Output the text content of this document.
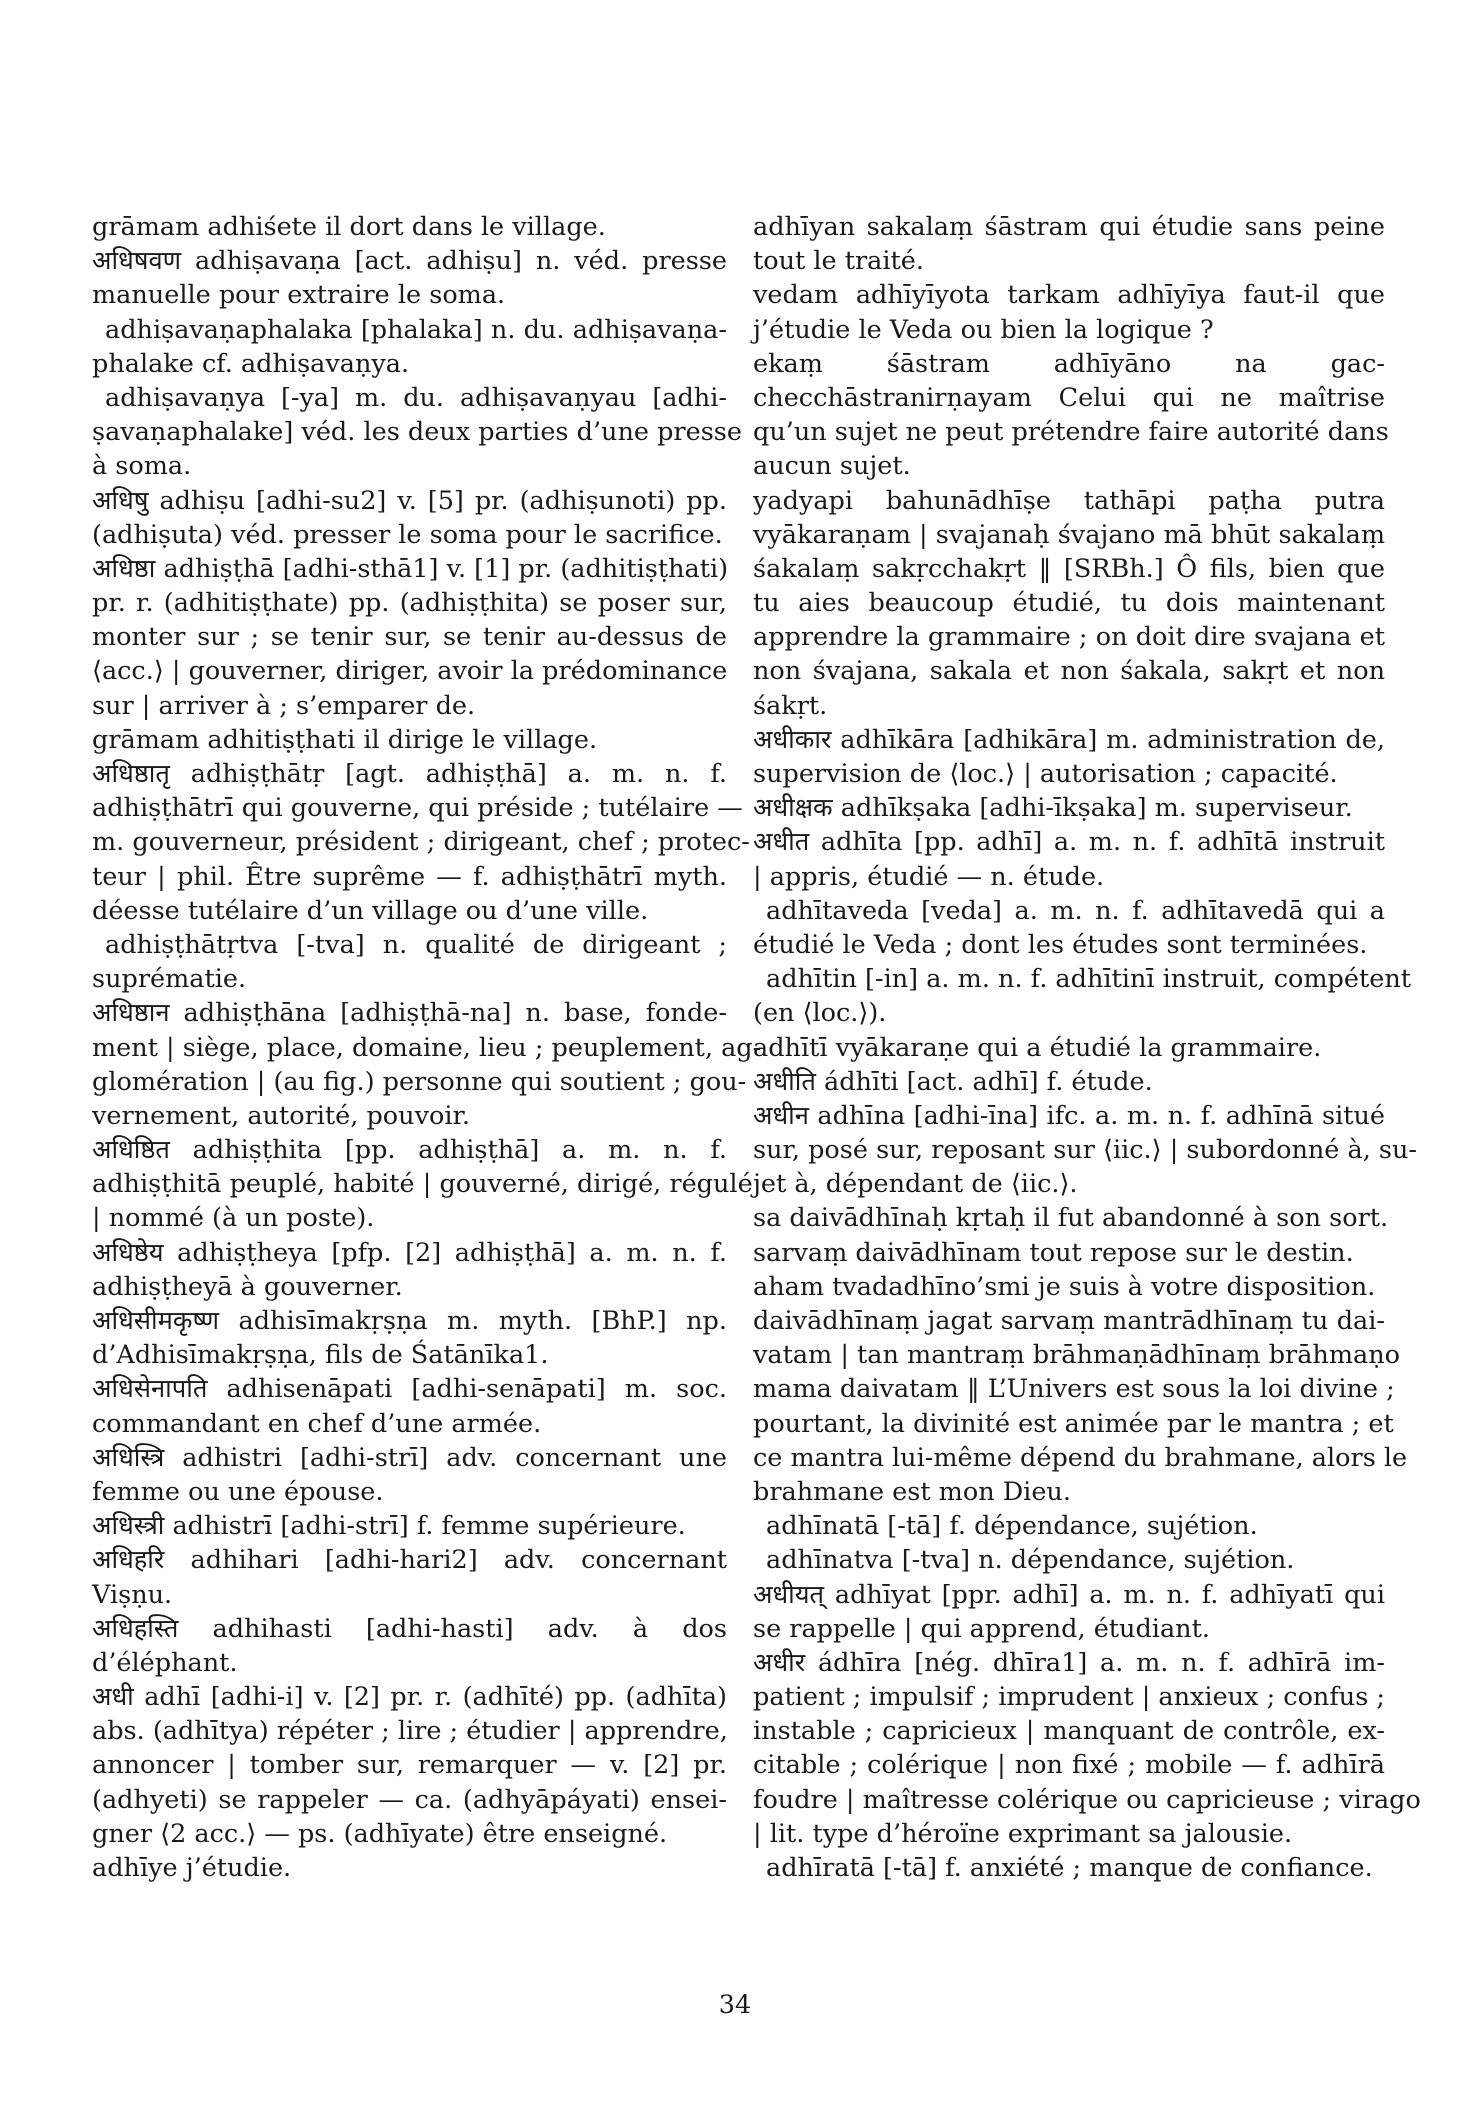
grāmam adhiśete il dort dans le village.
अधिषवण adhiṣavaṇa [act. adhiṣu] n. véd. presse
manuelle pour extraire le soma.
adhiṣavaṇaphalaka [phalaka] n. du. adhiṣavaṇa-
phalake cf. adhiṣavaṇya.
adhiṣavaṇya [-ya] m. du. adhiṣavaṇyau [adhi-
ṣavaṇaphalake] véd. les deux parties d’une presse
à soma.
अधिषु adhiṣu [adhi-su2] v. [5] pr. (adhiṣunoti) pp.
(adhiṣuta) véd. presser le soma pour le sacrifice.
अधिष्ठा adhiṣṭhā [adhi-sthā1] v. [1] pr. (adhitiṣṭhati)
pr. r. (adhitiṣṭhate) pp. (adhiṣṭhita) se poser sur,
monter sur ; se tenir sur, se tenir au-dessus de
⟨acc.⟩ | gouverner, diriger, avoir la prédominance
sur | arriver à ; s’emparer de.
grāmam adhitiṣṭhati il dirige le village.
अधिष्ठातृ adhiṣṭhātṛ [agt. adhiṣṭhā] a. m. n. f.
adhiṣṭhātrī qui gouverne, qui préside ; tutélaire —
m. gouverneur, président ; dirigeant, chef ; protec-
teur | phil. Être suprême — f. adhiṣṭhātrī myth.
déesse tutélaire d’un village ou d’une ville.
adhiṣṭhātṛtva [-tva] n. qualité de dirigeant ;
suprématie.
अधिष्ठान adhiṣṭhāna [adhiṣṭhā-na] n. base, fonde-
ment | siège, place, domaine, lieu ; peuplement, ag-
glomération | (au fig.) personne qui soutient ; gou-
vernement, autorité, pouvoir.
अधिष्ठित adhiṣṭhita [pp. adhiṣṭhā] a. m. n. f.
adhiṣṭhitā peuplé, habité | gouverné, dirigé, régulé
| nommé (à un poste).
अधिष्ठेय adhiṣṭheya [pfp. [2] adhiṣṭhā] a. m. n. f.
adhiṣṭheyā à gouverner.
अधिसीमकृष्ण adhisīmakṛṣṇa m. myth. [BhP.] np.
d’Adhisīmakṛṣṇa, fils de Śatānīka1.
अधिसेनापति adhisenāpati [adhi-senāpati] m. soc.
commandant en chef d’une armée.
अधिस्त्रि adhistri [adhi-strī] adv. concernant une
femme ou une épouse.
अधिस्त्री adhistrī [adhi-strī] f. femme supérieure.
अधिहरि adhihari [adhi-hari2] adv. concernant
Viṣṇu.
अधिहस्ति adhihasti [adhi-hasti] adv. à dos
d’éléphant.
अधी adhī [adhi-i] v. [2] pr. r. (adhīté) pp. (adhīta)
abs. (adhītya) répéter ; lire ; étudier | apprendre,
annoncer | tomber sur, remarquer — v. [2] pr.
(adhyeti) se rappeler — ca. (adhyāpáyati) ensei-
gner ⟨2 acc.⟩ — ps. (adhīyate) être enseigné.
adhīye j’étudie.
adhīyan sakalaṃ śāstram qui étudie sans peine
tout le traité.
vedam adhīyīyota tarkam adhīyīya faut-il que
j’étudie le Veda ou bien la logique ?
ekaṃ śāstram adhīyāno na gac-
checchāstranirṇayam Celui qui ne maîtrise
qu’un sujet ne peut prétendre faire autorité dans
aucun sujet.
yadyapi bahunādhīṣe tathāpi paṭha putra
vyākaraṇam | svajanaḥ śvajano mā bhūt sakalaṃ
śakalaṃ sakṛcchakṛt ‖ [SRBh.] Ô fils, bien que
tu aies beaucoup étudié, tu dois maintenant
apprendre la grammaire ; on doit dire svajana et
non śvajana, sakala et non śakala, sakṛt et non
śakṛt.
अधीकार adhīkāra [adhikāra] m. administration de,
supervision de ⟨loc.⟩ | autorisation ; capacité.
अधीक्षक adhīkṣaka [adhi-īkṣaka] m. superviseur.
अधीत adhīta [pp. adhī] a. m. n. f. adhītā instruit
| appris, étudié — n. étude.
adhītaveda [veda] a. m. n. f. adhītavedā qui a
étudié le Veda ; dont les études sont terminées.
adhītin [-in] a. m. n. f. adhītinī instruit, compétent
(en ⟨loc.⟩).
adhītī vyākaraṇe qui a étudié la grammaire.
अधीति ádhīti [act. adhī] f. étude.
अधीन adhīna [adhi-īna] ifc. a. m. n. f. adhīnā situé
sur, posé sur, reposant sur ⟨iic.⟩ | subordonné à, su-
jet à, dépendant de ⟨iic.⟩.
sa daivādhīnaḥ kṛtaḥ il fut abandonné à son sort.
sarvaṃ daivādhīnam tout repose sur le destin.
aham tvadadhīno’smi je suis à votre disposition.
daivādhīnaṃ jagat sarvaṃ mantrādhīnaṃ tu dai-
vatam | tan mantraṃ brāhmaṇādhīnaṃ brāhmaṇo
mama daivatam ‖ L’Univers est sous la loi divine ;
pourtant, la divinité est animée par le mantra ; et
ce mantra lui-même dépend du brahmane, alors le
brahmane est mon Dieu.
adhīnatā [-tā] f. dépendance, sujétion.
adhīnatva [-tva] n. dépendance, sujétion.
अधीयत् adhīyat [ppr. adhī] a. m. n. f. adhīyatī qui
se rappelle | qui apprend, étudiant.
अधीर ádhīra [nég. dhīra1] a. m. n. f. adhīrā im-
patient ; impulsif ; imprudent | anxieux ; confus ;
instable ; capricieux | manquant de contrôle, ex-
citable ; colérique | non fixé ; mobile — f. adhīrā
foudre | maîtresse colérique ou capricieuse ; virago
| lit. type d’héroïne exprimant sa jalousie.
adhīratā [-tā] f. anxiété ; manque de confiance.
34
